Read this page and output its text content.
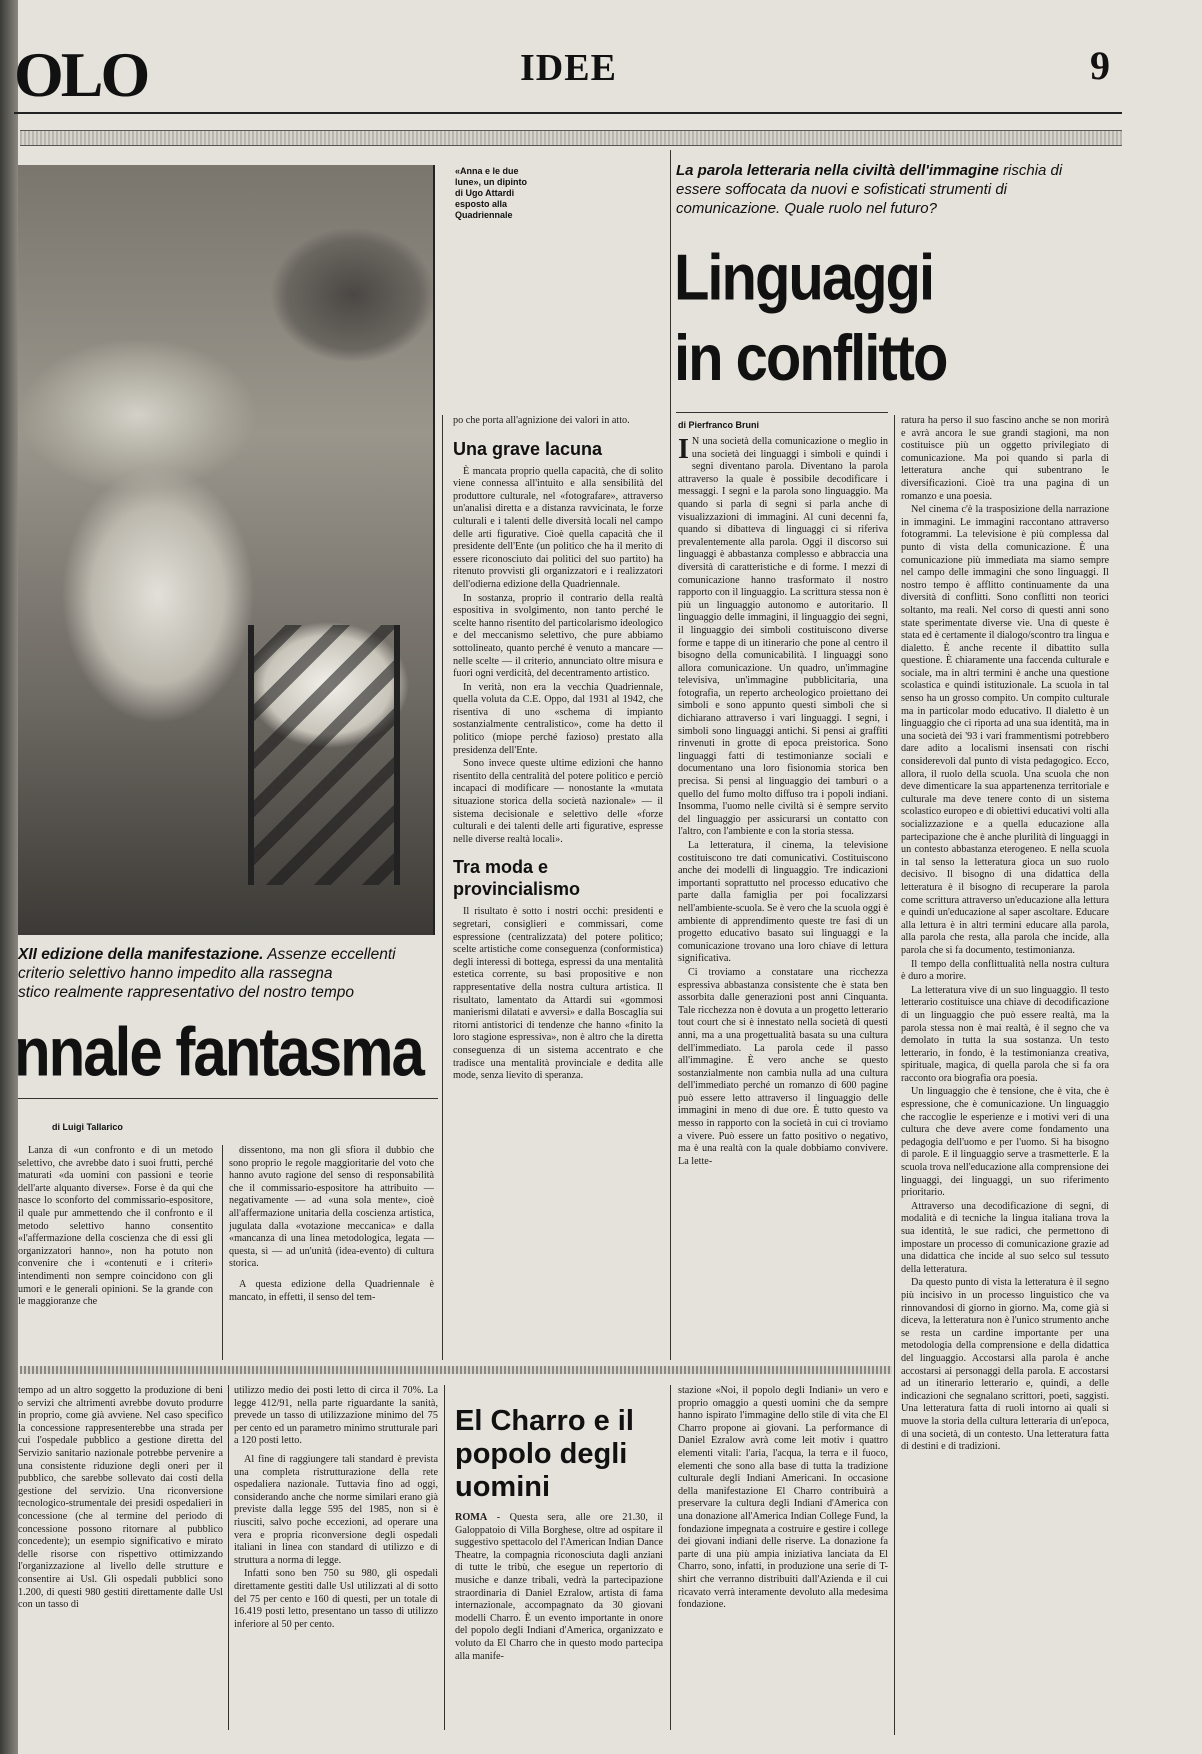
OLO	IDEE	9
«Anna e le due lune», un dipinto di Ugo Attardi esposto alla Quadriennale
XII edizione della manifestazione. Assenze eccellenti
criterio selettivo hanno impedito alla rassegna
stico realmente rappresentativo del nostro tempo
nnale fantasma
di Luigi Tallarico

Lanza di «un confronto e di un metodo selettivo, che avrebbe dato i suoi frutti, perché maturati «da uomini con passioni e teorie dell'arte alquanto diverse». Forse è da qui che nasce lo sconforto del commissario-espositore, il quale pur ammettendo che il confronto e il metodo selettivo hanno consentito «l'affermazione della coscienza che di essi gli organizzatori hanno», non ha potuto non convenire che i «contenuti e i criteri» intendimenti non sempre coincidono con gli umori e le generali opinioni. Se la grande con le maggioranze che

dissentono, ma non gli sfiora il dubbio che sono proprio le regole maggioritarie del voto che hanno avuto ragione del senso di responsabilità che il commissario-espositore ha attribuito — negativamente — ad «una sola mente», cioè all'affermazione unitaria della coscienza artistica, jugulata dalla «votazione meccanica» e dalla «mancanza di una linea metodologica, legata — questa, sì — ad un'unità (idea-evento) di cultura storica.

A questa edizione della Quadriennale è mancato, in effetti, il senso del tem-

po che porta all'agnizione dei valori in atto.

Una grave lacuna

È mancata proprio quella capacità, che di solito viene connessa all'intuito e alla sensibilità del produttore culturale, nel «fotografare», attraverso un'analisi diretta e a distanza ravvicinata, le forze culturali e i talenti delle diversità locali nel campo delle arti figurative. Cioè quella capacità che il presidente dell'Ente (un politico che ha il merito di essere riconosciuto dai politici del suo partito) ha ritenuto provvisti gli organizzatori e i realizzatori dell'odierna edizione della Quadriennale.

In sostanza, proprio il contrario della realtà espositiva in svolgimento, non tanto perché le scelte hanno risentito del particolarismo ideologico e del meccanismo selettivo, che pure abbiamo sottolineato, quanto perché è venuto a mancare — nelle scelte — il criterio, annunciato oltre misura e fuori ogni verdicità, del decentramento artistico.

In verità, non era la vecchia Quadriennale, quella voluta da C.E. Oppo, dal 1931 al 1942, che risentiva di uno «schema di impianto sostanzialmente centralistico», come ha detto il politico (miope perché faziosо) prestato alla presidenza dell'Ente.

Sono invece queste ultime edizioni che hanno risentito della centralità del potere politico e perciò incapaci di modificare — nonostante la «mutata situazione storica della società nazionale» — il sistema decisionale e selettivo delle «forze culturali e dei talenti delle arti figurative, espresse nelle diverse realtà locali».

Tra moda e provincialismo

Il risultato è sotto i nostri occhi: presidenti e segretari, consiglieri e commissari, come espressione (centralizzata) del potere politico; scelte artistiche come conseguenza (conformistica) degli interessi di bottega, espressi da una mentalità estetica corrente, su basi propositive e non rappresentative della nostra cultura artistica. Il risultato, lamentato da Attardi sui «gommosi manierismi dilatati e avversi» e dalla Boscaglia sui ritorni antistorici di tendenze che hanno «finito la loro stagione espressiva», non è altro che la diretta conseguenza di un sistema accentrato e che tradisce una mentalità provinciale e dedita alle mode, senza lievito di speranza.

La parola letteraria nella civiltà dell'immagine rischia di essere soffocata da nuovi e sofisticati strumenti di comunicazione. Quale ruolo nel futuro?
Linguaggi
in conflitto
di Pierfranco Bruni

I N una società della comunicazione o meglio in una società dei linguaggi i simboli e quindi i segni diventano parola. Diventano la parola attraverso la quale è possibile decodificare i messaggi. I segni e la parola sono linguaggio. Ma quando si parla di segni si parla anche di visualizzazioni di immagini. Al cuni decenni fa, quando si dibatteva di linguaggi ci si riferiva prevalentemente alla parola. Oggi il discorso sui linguaggi è abbastanza complesso e abbraccia una diversità di caratteristiche e di forme. I mezzi di comunicazione hanno trasformato il nostro rapporto con il linguaggio. La scrittura stessa non è più un linguaggio autonomo e autoritario. Il linguaggio delle immagini, il linguaggio dei segni, il linguaggio dei simboli costituiscono diverse forme e tappe di un itinerario che pone al centro il bisogno della comunicabilità. I linguaggi sono allora comunicazione. Un quadro, un'immagine televisiva, un'immagine pubblicitaria, una fotografia, un reperto archeologico proiettano dei simboli e sono appunto questi simboli che si dichiarano attraverso i vari linguaggi. I segni, i simboli sono linguaggi antichi. Si pensi ai graffiti rinvenuti in grotte di epoca preistorica. Sono linguaggi fatti di testimonianze sociali e documentano una loro fisionomia storica ben precisa. Si pensi al linguaggio dei tamburi o a quello del fumo molto diffuso tra i popoli indiani. Insomma, l'uomo nelle civiltà si è sempre servito del linguaggio per assicurarsi un contatto con l'altro, con l'ambiente e con la storia stessa.

La letteratura, il cinema, la televisione costituiscono tre dati comunicativi. Costituiscono anche dei modelli di linguaggio. Tre indicazioni importanti soprattutto nel processo educativo che parte dalla famiglia per poi focalizzarsi nell'ambiente-scuola. Se è vero che la scuola oggi è ambiente di apprendimento queste tre fasi di un progetto educativo basato sui linguaggi e la comunicazione trovano una loro chiave di lettura significativa.

Ci troviamo a constatare una ricchezza espressiva abbastanza consistente che è stata ben assorbita dalle generazioni post anni Cinquanta. Tale ricchezza non è dovuta a un progetto letterario tout court che si è innestato nella società di questi anni, ma a una progettualità basata su una cultura dell'immediato. La parola cede il passo all'immagine. È vero anche se questo sostanzialmente non cambia nulla ad una cultura dell'immediato perché un romanzo di 600 pagine può essere letto attraverso il linguaggio delle immagini in meno di due ore. È tutto questo va messo in rapporto con la società in cui ci troviamo a vivere. Può essere un fatto positivo o negativo, ma è una realtà con la quale dobbiamo convivere. La lette-

ratura ha perso il suo fascino anche se non morirà e avrà ancora le sue grandi stagioni, ma non costituisce più un oggetto privilegiato di comunicazione. Ma poi quando si parla di letteratura anche qui subentrano le diversificazioni. Cioè tra una pagina di un romanzo e una poesia.

Nel cinema c'è la trasposizione della narrazione in immagini. Le immagini raccontano attraverso fotogrammi. La televisione è più complessa dal punto di vista della comunicazione. È una comunicazione più immediata ma siamo sempre nel campo delle immagini che sono linguaggi. Il nostro tempo è afflitto continuamente da una diversità di conflitti. Sono conflitti non teorici soltanto, ma reali. Nel corso di questi anni sono state sperimentate diverse vie. Una di queste è stata ed è certamente il dialogo/scontro tra lingua e dialetto. È anche recente il dibattito sulla questione. È chiaramente una faccenda culturale e sociale, ma in altri termini è anche una questione scolastica e quindi istituzionale. La scuola in tal senso ha un grosso compito. Un compito culturale ma in particolar modo educativo. Il dialetto è un linguaggio che ci riporta ad una sua identità, ma in una società dei '93 i vari frammentismi potrebbero dare adito a localismi insensati con rischi considerevoli dal punto di vista pedagogico. Ecco, allora, il ruolo della scuola. Una scuola che non deve dimenticare la sua appartenenza territoriale e culturale ma deve tenere conto di un sistema scolastico europeo e di obiettivi educativi volti alla socializzazione e a quella educazione alla partecipazione che è anche plurilità di linguaggi in un contesto abbastanza eterogeneo. E nella scuola in tal senso la letteratura gioca un suo ruolo decisivo. Il bisogno di una didattica della letteratura è il bisogno di recuperare la parola come scrittura attraverso un'educazione alla lettura e quindi un'educazione al saper ascoltare. Educare alla lettura è in altri termini educare alla parola, alla parola che resta, alla parola che incide, alla parola che si fa documento, testimonianza.

Il tempo della conflittualità nella nostra cultura è duro a morire.

La letteratura vive di un suo linguaggio. Il testo letterario costituisce una chiave di decodificazione di un linguaggio che può essere realtà, ma la parola stessa non è mai realtà, è il segno che va demolato in tutta la sua sostanza. Un testo letterario, in fondo, è la testimonianza creativa, spirituale, magica, di quella parola che si fa ora racconto ora biografia ora poesia.

Un linguaggio che è tensione, che è vita, che è espressione, che è comunicazione. Un linguaggio che raccoglie le esperienze e i motivi veri di una cultura che deve avere come fondamento una pedagogia dell'uomo e per l'uomo. Si ha bisogno di parole. E il linguaggio serve a trasmetterle. E la scuola trova nell'educazione alla comprensione dei linguaggi, dei linguaggi, un suo riferimento prioritario.

Attraverso una decodificazione di segni, di modalità e di tecniche la lingua italiana trova la sua identità, le sue radici, che permettono di impostare un processo di comunicazione grazie ad una didattica che incide al suo selco sul tessuto della letteratura.

Da questo punto di vista la letteratura è il segno più incisivo in un processo linguistico che va rinnovandosi di giorno in giorno. Ma, come già si diceva, la letteratura non è l'unico strumento anche se resta un cardine importante per una metodologia della comprensione e della didattica del linguaggio. Accostarsi alla parola è anche accostarsi ai personaggi della parola. E accostarsi ad un itinerario letterario e, quindi, a delle indicazioni che segnalano scrittori, poeti, saggisti. Una letteratura fatta di ruoli intorno ai quali si muove la storia della cultura letteraria di un'epoca, di una società, di un contesto. Una letteratura fatta di destini e di tradizioni.

tempo ad un altro soggetto la produzione di beni o servizi che altrimenti avrebbe dovuto produrre in proprio, come già avviene. Nel caso specifico la concessione rappresenterebbe una strada per cui l'ospedale pubblico a gestione diretta del Servizio sanitario nazionale potrebbe pervenire a una consistente riduzione degli oneri per il pubblico, che sarebbe sollevato dai costi della gestione del servizio. Una riconversione tecnologico-strumentale dei presidi ospedalieri in concessione (che al termine del periodo di concessione possono ritornare al pubblico concedente); un esempio significativo e mirato delle risorse con rispettivo ottimizzando l'organizzazione al livello delle strutture e consentire ai Usl. Gli ospedali pubblici sono 1.200, di questi 980 gestiti direttamente dalle Usl con un tasso di

utilizzo medio dei posti letto di circa il 70%. La legge 412/91, nella parte riguardante la sanità, prevede un tasso di utilizzazione minimo del 75 per cento ed un parametro minimo strutturale pari a 120 posti letto.

Al fine di raggiungere tali standard è prevista una completa ristrutturazione della rete ospedaliera nazionale. Tuttavia fino ad oggi, considerando anche che norme similari erano già previste dalla legge 595 del 1985, non si è riusciti, salvo poche eccezioni, ad operare una vera e propria riconversione degli ospedali italiani in linea con standard di utilizzo e di struttura a norma di legge.

Infatti sono ben 750 su 980, gli ospedali direttamente gestiti dalle Usl utilizzati al di sotto del 75 per cento e 160 di questi, per un totale di 16.419 posti letto, presentano un tasso di utilizzo inferiore al 50 per cento.

El Charro e il popolo degli uomini

ROMA - Questa sera, alle ore 21.30, il Galoppatoio di Villa Borghese, oltre ad ospitare il suggestivo spettacolo del l'American Indian Dance Theatre, la compagnia riconosciuta dagli anziani di tutte le tribù, che esegue un repertorio di musiche e danze tribali, vedrà la partecipazione straordinaria di Daniel Ezralow, artista di fama internazionale, accompagnato da 30 giovani modelli Charro. È un evento importante in onore del popolo degli Indiani d'America, organizzato e voluto da El Charro che in questo modo partecipa alla manife-

stazione «Noi, il popolo degli Indiani» un vero e proprio omaggio a questi uomini che da sempre hanno ispirato l'immagine dello stile di vita che El Charro propone ai giovani. La performance di Daniel Ezralow avrà come leit motiv i quattro elementi vitali: l'aria, l'acqua, la terra e il fuoco, elementi che sono alla base di tutta la tradizione culturale degli Indiani Americani. In occasione della manifestazione El Charro contribuirà a preservare la cultura degli Indiani d'America con una donazione all'America Indian College Fund, la fondazione impegnata a costruire e gestire i college dei giovani indiani delle riserve. La donazione fa parte di una più ampia iniziativa lanciata da El Charro, sono, infatti, in produzione una serie di T-shirt che verranno distribuiti dall'Azienda e il cui ricavato verrà interamente devoluto alla medesima fondazione.
